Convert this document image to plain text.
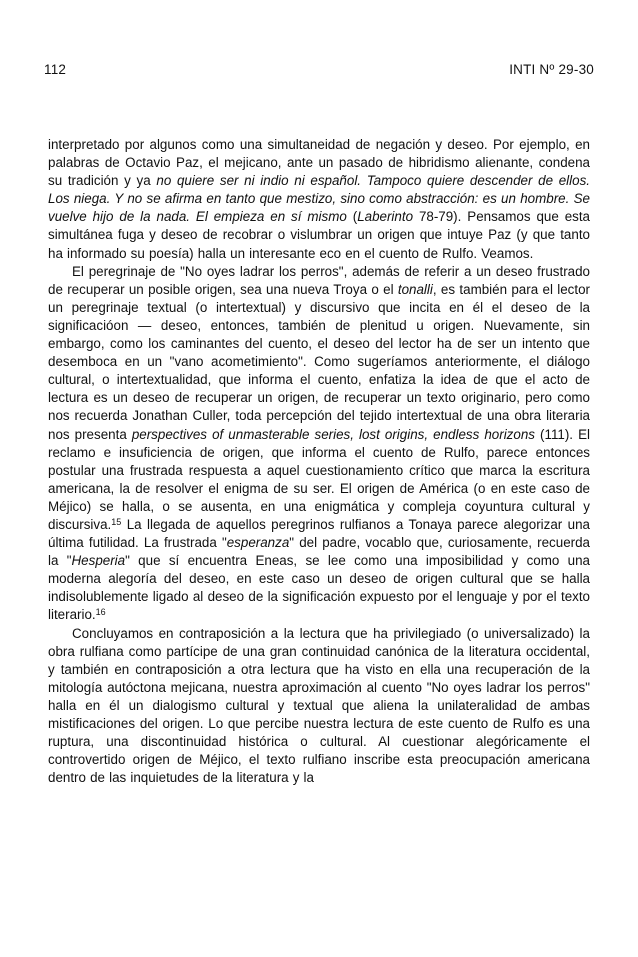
112	INTI Nº 29-30

interpretado por algunos como una simultaneidad de negación y deseo. Por ejemplo, en palabras de Octavio Paz, el mejicano, ante un pasado de hibridismo alienante, condena su tradición y ya no quiere ser ni indio ni español. Tampoco quiere descender de ellos. Los niega. Y no se afirma en tanto que mestizo, sino como abstracción: es un hombre. Se vuelve hijo de la nada. El empieza en sí mismo (Laberinto 78-79). Pensamos que esta simultánea fuga y deseo de recobrar o vislumbrar un origen que intuye Paz (y que tanto ha informado su poesía) halla un interesante eco en el cuento de Rulfo. Veamos.

El peregrinaje de "No oyes ladrar los perros", además de referir a un deseo frustrado de recuperar un posible origen, sea una nueva Troya o el tonalli, es también para el lector un peregrinaje textual (o intertextual) y discursivo que incita en él el deseo de la significacióon — deseo, entonces, también de plenitud u origen. Nuevamente, sin embargo, como los caminantes del cuento, el deseo del lector ha de ser un intento que desemboca en un "vano acometimiento". Como sugeríamos anteriormente, el diálogo cultural, o intertextualidad, que informa el cuento, enfatiza la idea de que el acto de lectura es un deseo de recuperar un origen, de recuperar un texto originario, pero como nos recuerda Jonathan Culler, toda percepción del tejido intertextual de una obra literaria nos presenta perspectives of unmasterable series, lost origins, endless horizons (111). El reclamo e insuficiencia de origen, que informa el cuento de Rulfo, parece entonces postular una frustrada respuesta a aquel cuestionamiento crítico que marca la escritura americana, la de resolver el enigma de su ser. El origen de América (o en este caso de Méjico) se halla, o se ausenta, en una enigmática y compleja coyuntura cultural y discursiva.$^{15}$ La llegada de aquellos peregrinos rulfianos a Tonaya parece alegorizar una última futilidad. La frustrada "esperanza" del padre, vocablo que, curiosamente, recuerda la "Hesperia" que sí encuentra Eneas, se lee como una imposibilidad y como una moderna alegoría del deseo, en este caso un deseo de origen cultural que se halla indisolublemente ligado al deseo de la significación expuesto por el lenguaje y por el texto literario.$^{16}$

Concluyamos en contraposición a la lectura que ha privilegiado (o universalizado) la obra rulfiana como partícipe de una gran continuidad canónica de la literatura occidental, y también en contraposición a otra lectura que ha visto en ella una recuperación de la mitología autóctona mejicana, nuestra aproximación al cuento "No oyes ladrar los perros" halla en él un dialogismo cultural y textual que aliena la unilateralidad de ambas mistificaciones del origen. Lo que percibe nuestra lectura de este cuento de Rulfo es una ruptura, una discontinuidad histórica o cultural. Al cuestionar alegóricamente el controvertido origen de Méjico, el texto rulfiano inscribe esta preocupación americana dentro de las inquietudes de la literatura y la
